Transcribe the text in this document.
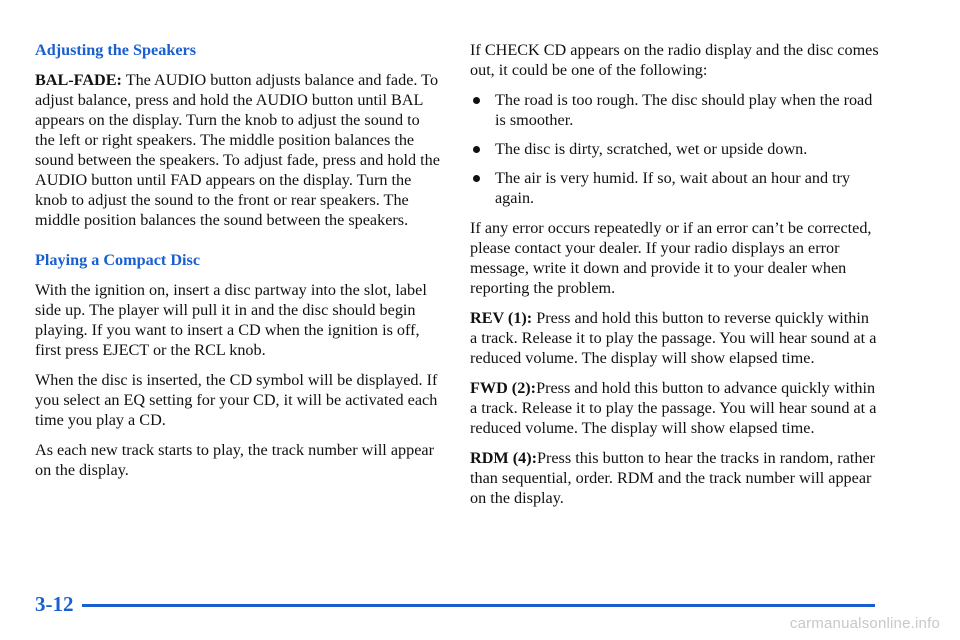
Adjusting the Speakers

BAL-FADE: The AUDIO button adjusts balance and fade. To adjust balance, press and hold the AUDIO button until BAL appears on the display. Turn the knob to adjust the sound to the left or right speakers. The middle position balances the sound between the speakers. To adjust fade, press and hold the AUDIO button until FAD appears on the display. Turn the knob to adjust the sound to the front or rear speakers. The middle position balances the sound between the speakers.

Playing a Compact Disc

With the ignition on, insert a disc partway into the slot, label side up. The player will pull it in and the disc should begin playing. If you want to insert a CD when the ignition is off, first press EJECT or the RCL knob.

When the disc is inserted, the CD symbol will be displayed. If you select an EQ setting for your CD, it will be activated each time you play a CD.

As each new track starts to play, the track number will appear on the display.

If CHECK CD appears on the radio display and the disc comes out, it could be one of the following:

The road is too rough. The disc should play when the road is smoother.
The disc is dirty, scratched, wet or upside down.
The air is very humid. If so, wait about an hour and try again.

If any error occurs repeatedly or if an error can’t be corrected, please contact your dealer. If your radio displays an error message, write it down and provide it to your dealer when reporting the problem.

REV (1): Press and hold this button to reverse quickly within a track. Release it to play the passage. You will hear sound at a reduced volume. The display will show elapsed time.

FWD (2):Press and hold this button to advance quickly within a track. Release it to play the passage. You will hear sound at a reduced volume. The display will show elapsed time.

RDM (4):Press this button to hear the tracks in random, rather than sequential, order. RDM and the track number will appear on the display.

3-12
carmanualsonline.info
